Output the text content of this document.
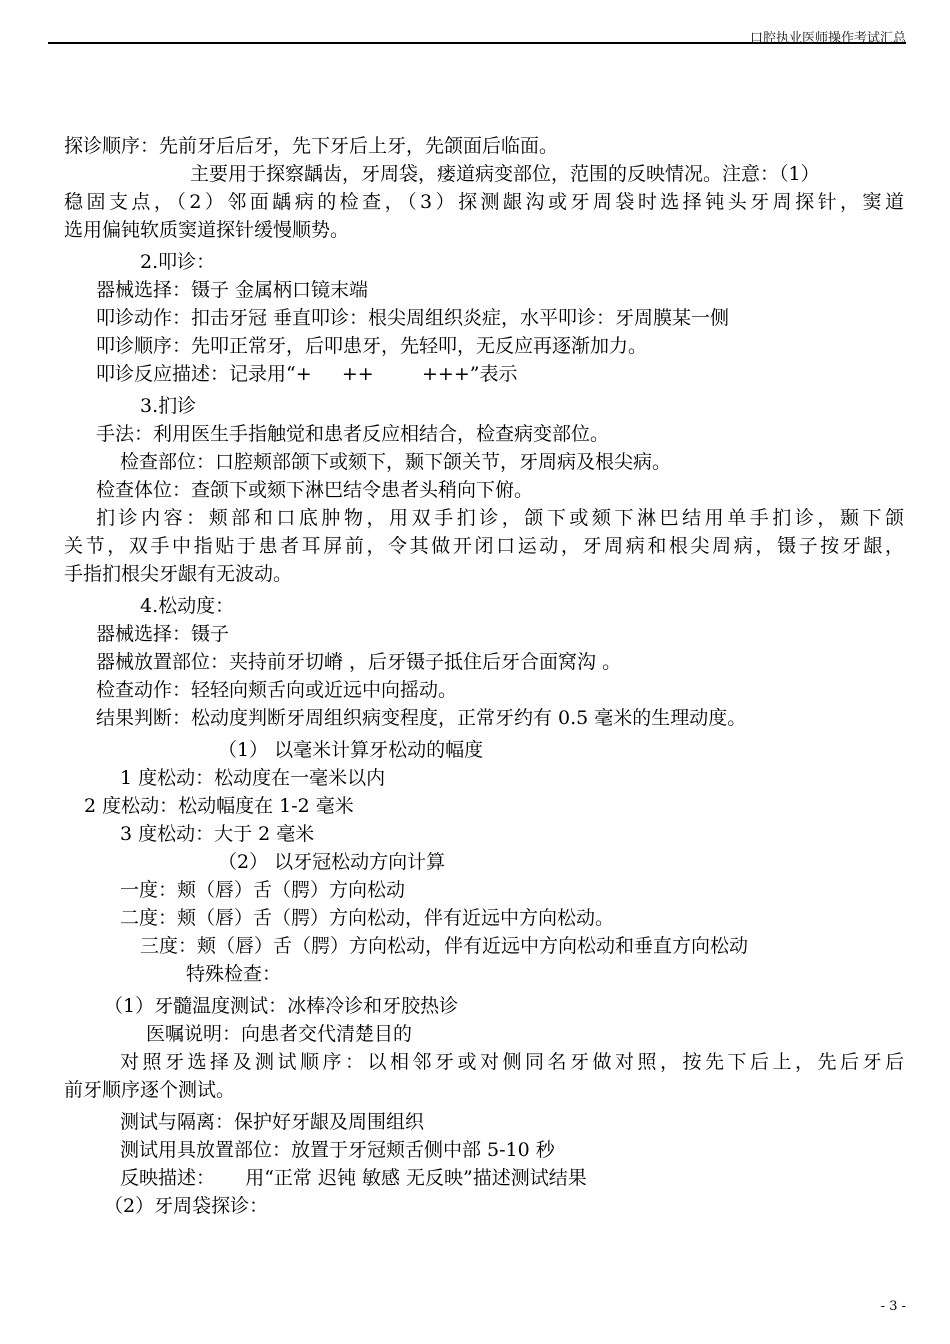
口腔执业医师操作考试汇总
探诊顺序：先前牙后后牙，先下牙后上牙，先颌面后临面。
主要用于探察龋齿，牙周袋，瘘道病变部位，范围的反映情况。注意：（1）
稳固支点，（2）邻面龋病的检查，（3）探测龈沟或牙周袋时选择钝头牙周探针，窦道
选用偏钝软质窦道探针缓慢顺势。
2.叩诊：
器械选择：镊子 金属柄口镜末端
叩诊动作：扣击牙冠 垂直叩诊：根尖周组织炎症，水平叩诊：牙周膜某一侧
叩诊顺序：先叩正常牙，后叩患牙，先轻叩，无反应再逐渐加力。
叩诊反应描述：记录用“+     ++        +++”表示
3.扪诊
手法：利用医生手指触觉和患者反应相结合，检查病变部位。
检查部位：口腔颊部颌下或颏下，颞下颌关节，牙周病及根尖病。
检查体位：查颌下或颏下淋巴结令患者头稍向下俯。
扪诊内容：颊部和口底肿物，用双手扪诊，颌下或颏下淋巴结用单手扪诊，颞下颌
关节，双手中指贴于患者耳屏前，令其做开闭口运动，牙周病和根尖周病，镊子按牙龈，
手指扪根尖牙龈有无波动。
4.松动度：
器械选择：镊子
器械放置部位：夹持前牙切嵴 ，后牙镊子抵住后牙合面窝沟 。
检查动作：轻轻向颊舌向或近远中向摇动。
结果判断：松动度判断牙周组织病变程度，正常牙约有 0.5 毫米的生理动度。
（1） 以毫米计算牙松动的幅度
1 度松动：松动度在一毫米以内
2 度松动：松动幅度在 1-2 毫米
3 度松动：大于 2 毫米
（2） 以牙冠松动方向计算
一度：颊（唇）舌（腭）方向松动
二度：颊（唇）舌（腭）方向松动，伴有近远中方向松动。
三度：颊（唇）舌（腭）方向松动，伴有近远中方向松动和垂直方向松动
特殊检查：
（1）牙髓温度测试：冰棒冷诊和牙胶热诊
医嘱说明：向患者交代清楚目的
对照牙选择及测试顺序：以相邻牙或对侧同名牙做对照，按先下后上，先后牙后
前牙顺序逐个测试。
测试与隔离：保护好牙龈及周围组织
测试用具放置部位：放置于牙冠颊舌侧中部 5-10 秒
反映描述：     用“正常 迟钝 敏感 无反映”描述测试结果
（2）牙周袋探诊：
- 3 -
